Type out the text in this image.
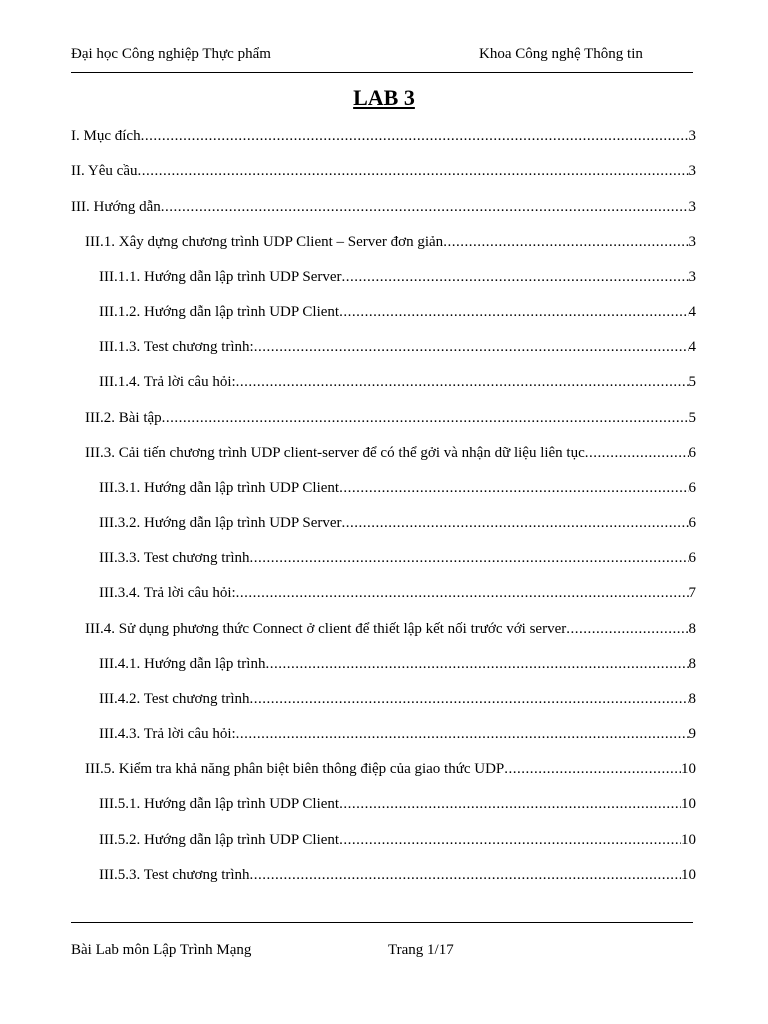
Đại học Công nghiệp Thực phẩm	Khoa Công nghệ Thông tin
LAB 3
I. Mục đích .....	3
II. Yêu cầu .....	3
III. Hướng dẫn .....	3
III.1. Xây dựng chương trình UDP Client – Server đơn giản .....	3
III.1.1. Hướng dẫn lập trình UDP Server .....	3
III.1.2. Hướng dẫn lập trình UDP Client .....	4
III.1.3. Test chương trình: .....	4
III.1.4. Trả lời câu hỏi: .....	5
III.2. Bài tập .....	5
III.3. Cải tiến chương trình UDP client-server để có thể gởi và nhận dữ liệu liên tục .....	6
III.3.1. Hướng dẫn lập trình UDP Client .....	6
III.3.2. Hướng dẫn lập trình UDP Server .....	6
III.3.3. Test chương trình .....	6
III.3.4. Trả lời câu hỏi: .....	7
III.4. Sử dụng phương thức Connect ở client để thiết lập kết nối trước với server .....	8
III.4.1. Hướng dẫn lập trình .....	8
III.4.2. Test chương trình .....	8
III.4.3. Trả lời câu hỏi: .....	9
III.5. Kiểm tra khả năng phân biệt biên thông điệp của giao thức UDP .....	10
III.5.1. Hướng dẫn lập trình UDP Client .....	10
III.5.2. Hướng dẫn lập trình UDP Client .....	10
III.5.3. Test chương trình .....	10
Bài Lab môn Lập Trình Mạng	Trang 1/17
